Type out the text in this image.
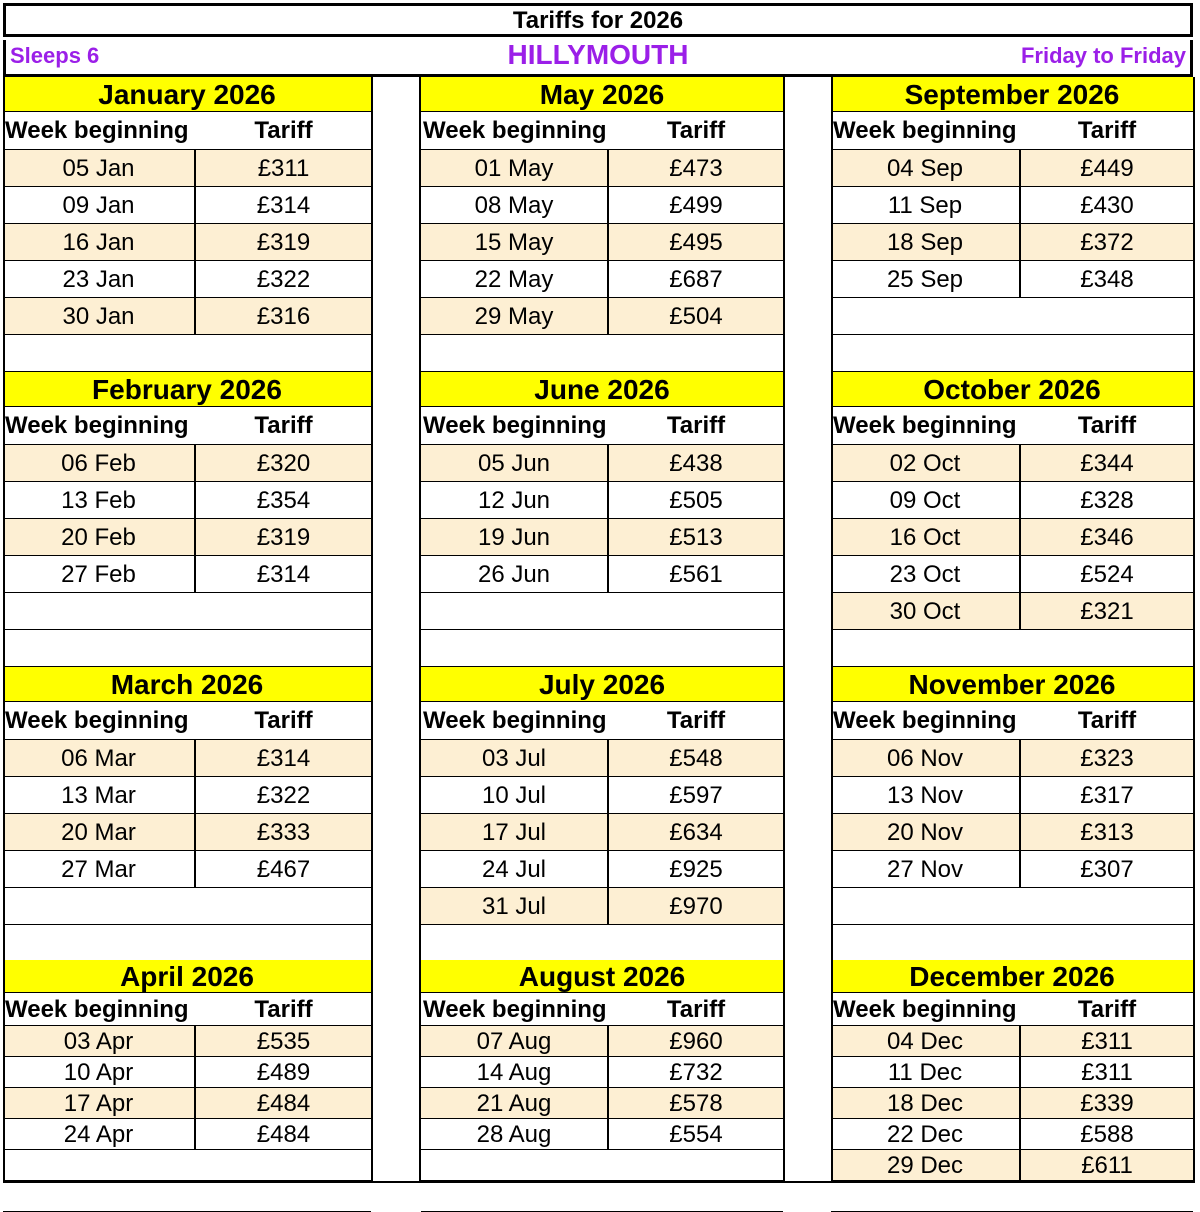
Tariffs for 2026
Sleeps 6	HILLYMOUTH	Friday to Friday
January 2026
Week beginning	Tariff
05 Jan	£311
09 Jan	£314
16 Jan	£319
23 Jan	£322
30 Jan	£316
May 2026
Week beginning	Tariff
01 May	£473
08 May	£499
15 May	£495
22 May	£687
29 May	£504
September 2026
Week beginning	Tariff
04 Sep	£449
11 Sep	£430
18 Sep	£372
25 Sep	£348
February 2026
Week beginning	Tariff
06 Feb	£320
13 Feb	£354
20 Feb	£319
27 Feb	£314
June 2026
Week beginning	Tariff
05 Jun	£438
12 Jun	£505
19 Jun	£513
26 Jun	£561
October 2026
Week beginning	Tariff
02 Oct	£344
09 Oct	£328
16 Oct	£346
23 Oct	£524
30 Oct	£321
March 2026
Week beginning	Tariff
06 Mar	£314
13 Mar	£322
20 Mar	£333
27 Mar	£467
July 2026
Week beginning	Tariff
03 Jul	£548
10 Jul	£597
17 Jul	£634
24 Jul	£925
31 Jul	£970
November 2026
Week beginning	Tariff
06 Nov	£323
13 Nov	£317
20 Nov	£313
27 Nov	£307
April 2026
Week beginning	Tariff
03 Apr	£535
10 Apr	£489
17 Apr	£484
24 Apr	£484
August 2026
Week beginning	Tariff
07 Aug	£960
14 Aug	£732
21 Aug	£578
28 Aug	£554
December 2026
Week beginning	Tariff
04 Dec	£311
11 Dec	£311
18 Dec	£339
22 Dec	£588
29 Dec	£611
